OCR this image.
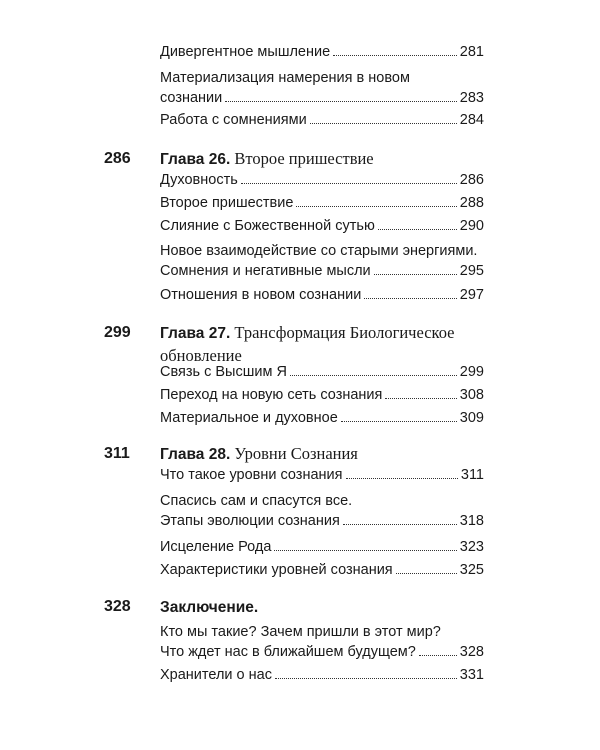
Дивергентное мышление	281
Материализация намерения в новом
сознании	283
Работа с сомнениями	284
286 Глава 26. Второе пришествие
Духовность	286
Второе пришествие	288
Слияние с Божественной сутью	290
Новое взаимодействие со старыми энергиями.
Сомнения и негативные мысли	295
Отношения в новом сознании	297
299 Глава 27. Трансформация Биологическое обновление
Связь с Высшим Я	299
Переход на новую сеть сознания	308
Материальное и духовное	309
311 Глава 28. Уровни Сознания
Что такое уровни сознания	311
Спасись сам и спасутся все.
Этапы эволюции сознания	318
Исцеление Рода	323
Характеристики уровней сознания	325
328 Заключение.
Кто мы такие? Зачем пришли в этот мир?
Что ждет нас в ближайшем будущем?	328
Хранители о нас	331
